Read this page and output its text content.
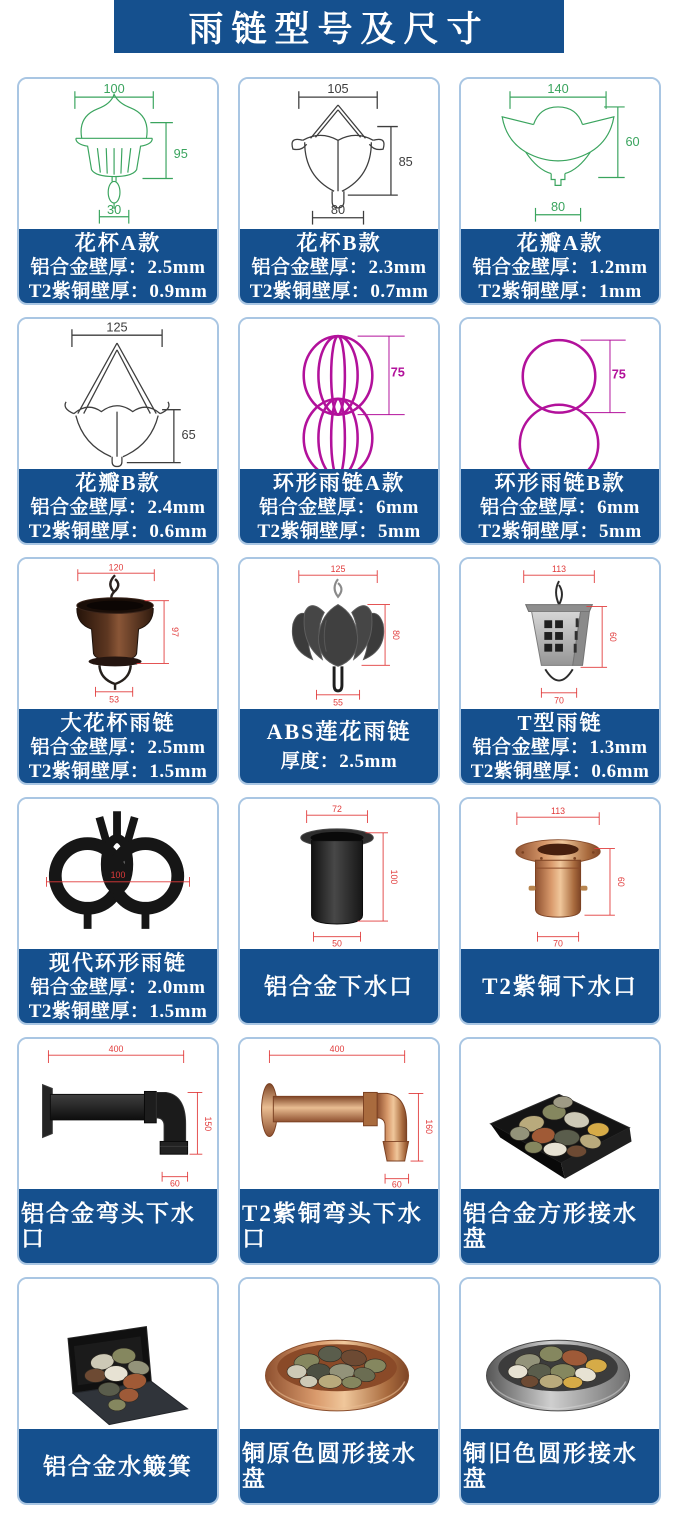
雨链型号及尺寸
100
95
30
花杯A款
铝合金壁厚：2.5mm
T2紫铜壁厚：0.9mm
105
85
80
花杯B款
铝合金壁厚：2.3mm
T2紫铜壁厚：0.7mm
140
60
80
花瓣A款
铝合金壁厚：1.2mm
T2紫铜壁厚：1mm
125
65
花瓣B款
铝合金壁厚：2.4mm
T2紫铜壁厚：0.6mm
75
环形雨链A款
铝合金壁厚：6mm
T2紫铜壁厚：5mm
75
环形雨链B款
铝合金壁厚：6mm
T2紫铜壁厚：5mm
120
97
53
大花杯雨链
铝合金壁厚：2.5mm
T2紫铜壁厚：1.5mm
125
80
55
ABS莲花雨链
厚度：2.5mm
113
60
70
T型雨链
铝合金壁厚：1.3mm
T2紫铜壁厚：0.6mm
100
现代环形雨链
铝合金壁厚：2.0mm
T2紫铜壁厚：1.5mm
72
100
50
铝合金下水口
113
60
70
T2紫铜下水口
400
150
60
铝合金弯头下水口
400
160
60
T2紫铜弯头下水口
铝合金方形接水盘
铝合金水簸箕 铜原色圆形接水盘
铜旧色圆形接水盘
